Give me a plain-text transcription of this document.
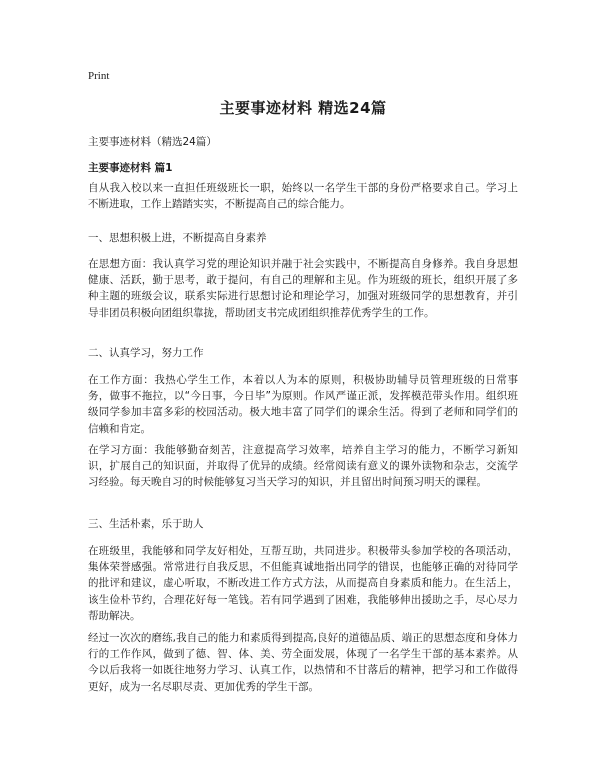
Print
主要事迹材料 精选24篇
主要事迹材料（精选24篇）
主要事迹材料 篇1

自从我入校以来一直担任班级班长一职，始终以一名学生干部的身份严格要求自己。学习上不断进取，工作上踏踏实实，不断提高自己的综合能力。

一、思想积极上进，不断提高自身素养

在思想方面：我认真学习党的理论知识并融于社会实践中，不断提高自身修养。我自身思想健康、活跃，勤于思考，敢于提问，有自己的理解和主见。作为班级的班长，组织开展了多种主题的班级会议，联系实际进行思想讨论和理论学习，加强对班级同学的思想教育，并引导非团员积极向团组织靠拢，帮助团支书完成团组织推荐优秀学生的工作。

二、认真学习，努力工作

在工作方面：我热心学生工作，本着以人为本的原则，积极协助辅导员管理班级的日常事务，做事不拖拉，以“今日事，今日毕”为原则。作风严谨正派，发挥模范带头作用。组织班级同学参加丰富多彩的校园活动。极大地丰富了同学们的课余生活。得到了老师和同学们的信赖和肯定。

在学习方面：我能够勤奋刻苦，注意提高学习效率，培养自主学习的能力，不断学习新知识，扩展自己的知识面，并取得了优异的成绩。经常阅读有意义的课外读物和杂志，交流学习经验。每天晚自习的时候能够复习当天学习的知识，并且留出时间预习明天的课程。

三、生活朴素，乐于助人

在班级里，我能够和同学友好相处，互帮互助，共同进步。积极带头参加学校的各项活动，集体荣誉感强。常常进行自我反思，不但能真诚地指出同学的错误，也能够正确的对待同学的批评和建议，虚心听取，不断改进工作方式方法，从而提高自身素质和能力。在生活上，该生俭朴节约，合理花好每一笔钱。若有同学遇到了困难，我能够伸出援助之手，尽心尽力帮助解决。

经过一次次的磨练,我自己的能力和素质得到提高,良好的道德品质、端正的思想态度和身体力行的工作作风，做到了德、智、体、美、劳全面发展，体现了一名学生干部的基本素养。从今以后我将一如既往地努力学习、认真工作，以热情和不甘落后的精神，把学习和工作做得更好，成为一名尽职尽责、更加优秀的学生干部。
